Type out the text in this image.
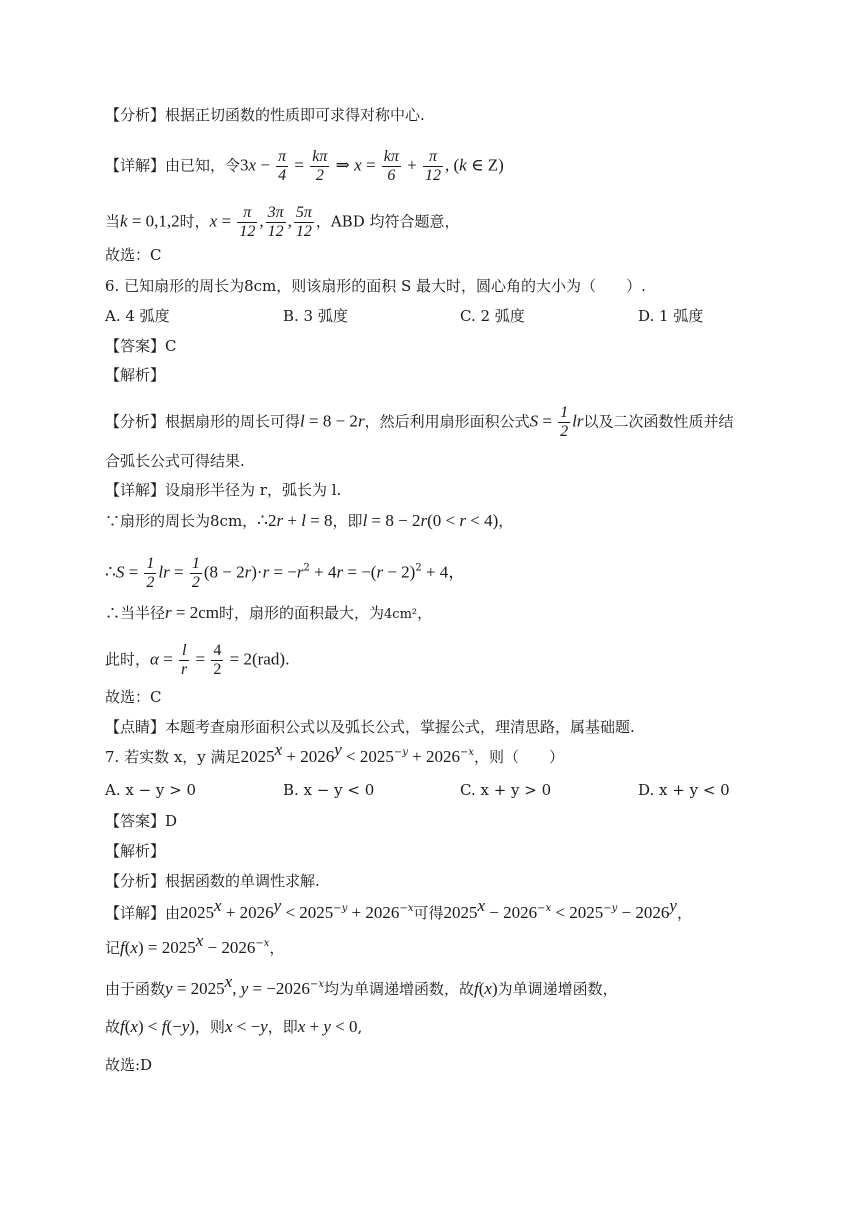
【分析】根据正切函数的性质即可求得对称中心.
【详解】由已知，令$3x - \frac{\pi}{4} = \frac{k\pi}{2}$ ⇒ $x = \frac{k\pi}{6} + \frac{\pi}{12}$ , (k ∈ Z)
当k = 0,1,2时，$x = \frac{\pi}{12}$ , $\frac{3\pi}{12}$ , $\frac{5\pi}{12}$ ，ABD 均符合题意，
故选：C
6. 已知扇形的周长为8cm，则该扇形的面积 S 最大时，圆心角的大小为（　　）.
A. 4 弧度	B. 3 弧度	C. 2 弧度	D. 1 弧度
【答案】C
【解析】
【分析】根据扇形的周长可得l = 8 − 2r，然后利用扇形面积公式$S = \frac{1}{2}$ lr以及二次函数性质并结
合弧长公式可得结果.
【详解】设扇形半径为 r，弧长为 l.
∵扇形的周长为8cm，∴2r + l = 8，即l = 8 − 2r(0 < r < 4)，
∴S = $\frac{1}{2}$ lr = $\frac{1}{2} (8 - 2r)\cdot r = -r^2 + 4r = -(r - 2)^2 + 4$，
∴当半径r = 2cm时，扇形的面积最大，为4cm²，
此时，$\alpha = \frac{l}{r} = \frac{4}{2} = 2(rad)$.
故选：C
【点睛】本题考查扇形面积公式以及弧长公式，掌握公式，理清思路，属基础题.
7. 若实数 x，y 满足$2025^x + 2026^y < 2025^{-y} + 2026^{-x}$，则（　　）
A. x − y > 0	B. x − y < 0	C. x + y > 0	D. x + y < 0
【答案】D
【解析】
【分析】根据函数的单调性求解.
【详解】由$2025^x + 2026^y < 2025^{-y} + 2026^{-x}$可得$2025^x - 2026^{-x} < 2025^{-y} - 2026^y$，
记$f(x) = 2025^x - 2026^{-x}$，
由于函数$y = 2025^x$, $y = -2026^{-x}$均为单调递增函数，故f(x)为单调递增函数，
故f(x) < f(−y)，则x < −y，即x + y < 0,
故选:D
